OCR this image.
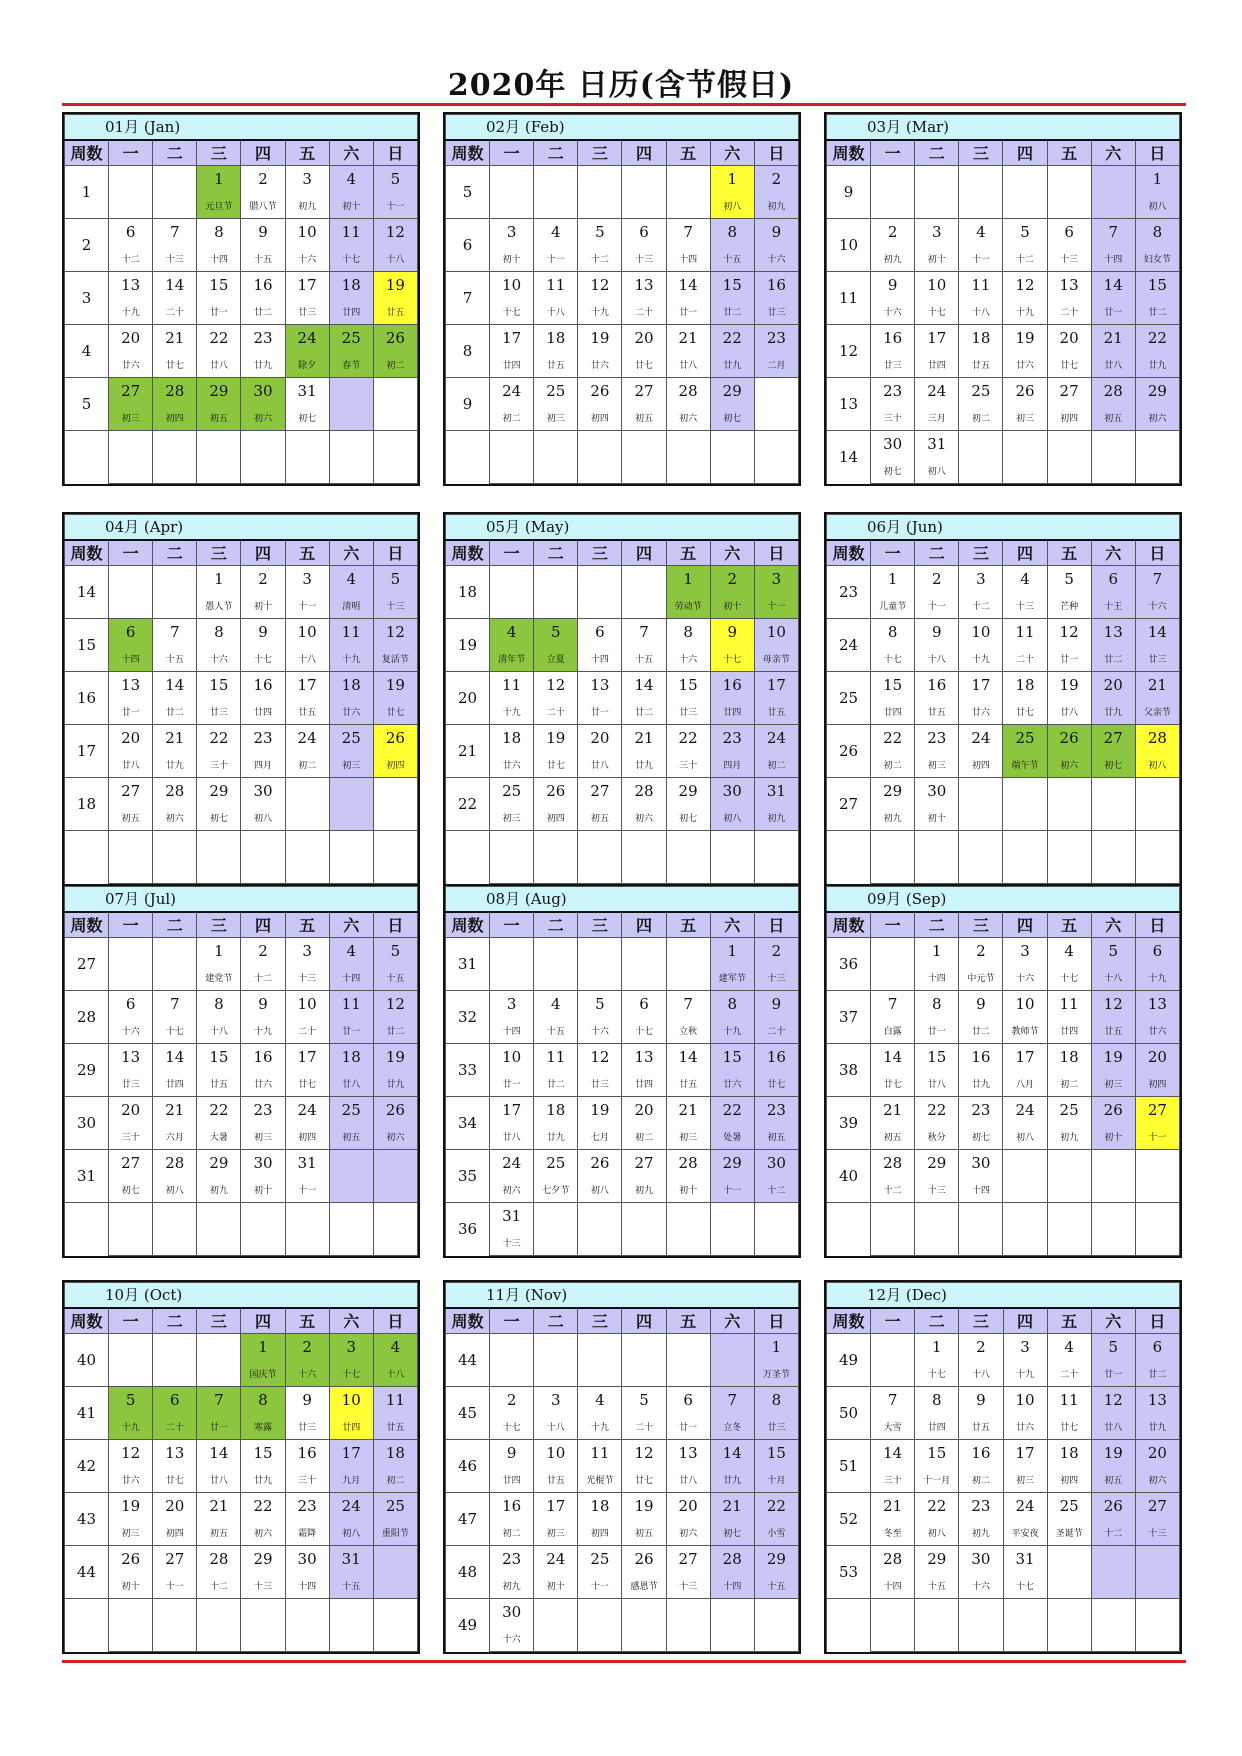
2020年 日历(含节假日)
01月 (Jan)							
周数	一	二	三	四	五	六	日
1			1	2	3	4	5
			元旦节	腊八节	初九	初十	十一
2	6	7	8	9	10	11	12
	十二	十三	十四	十五	十六	十七	十八
3	13	14	15	16	17	18	19
	十九	二十	廿一	廿二	廿三	廿四	廿五
4	20	21	22	23	24	25	26
	廿六	廿七	廿八	廿九	除夕	春节	初二
5	27	28	29	30	31		
	初三	初四	初五	初六	初七		

02月 (Feb)							
周数	一	二	三	四	五	六	日
5						1	2
						初八	初九
6	3	4	5	6	7	8	9
	初十	十一	十二	十三	十四	十五	十六
7	10	11	12	13	14	15	16
	十七	十八	十九	二十	廿一	廿二	廿三
8	17	18	19	20	21	22	23
	廿四	廿五	廿六	廿七	廿八	廿九	二月
9	24	25	26	27	28	29	
	初二	初三	初四	初五	初六	初七	

03月 (Mar)							
周数	一	二	三	四	五	六	日
9							1
							初八
10	2	3	4	5	6	7	8
	初九	初十	十一	十二	十三	十四	妇女节
11	9	10	11	12	13	14	15
	十六	十七	十八	十九	二十	廿一	廿二
12	16	17	18	19	20	21	22
	廿三	廿四	廿五	廿六	廿七	廿八	廿九
13	23	24	25	26	27	28	29
	三十	三月	初二	初三	初四	初五	初六
14	30	31					
	初七	初八					
04月 (Apr)							
周数	一	二	三	四	五	六	日
14			1	2	3	4	5
			愚人节	初十	十一	清明	十三
15	6	7	8	9	10	11	12
	十四	十五	十六	十七	十八	十九	复活节
16	13	14	15	16	17	18	19
	廿一	廿二	廿三	廿四	廿五	廿六	廿七
17	20	21	22	23	24	25	26
	廿八	廿九	三十	四月	初二	初三	初四
18	27	28	29	30			
	初五	初六	初七	初八			

05月 (May)							
周数	一	二	三	四	五	六	日
18					1	2	3
					劳动节	初十	十一
19	4	5	6	7	8	9	10
	清年节	立夏	十四	十五	十六	十七	母亲节
20	11	12	13	14	15	16	17
	十九	二十	廿一	廿二	廿三	廿四	廿五
21	18	19	20	21	22	23	24
	廿六	廿七	廿八	廿九	三十	四月	初二
22	25	26	27	28	29	30	31
	初三	初四	初五	初六	初七	初八	初九

06月 (Jun)							
周数	一	二	三	四	五	六	日
23	1	2	3	4	5	6	7
	儿童节	十一	十二	十三	芒种	十王	十六
24	8	9	10	11	12	13	14
	十七	十八	十九	二十	廿一	廿二	廿三
25	15	16	17	18	19	20	21
	廿四	廿五	廿六	廿七	廿八	廿九	父亲节
26	22	23	24	25	26	27	28
	初二	初三	初四	端午节	初六	初七	初八
27	29	30					
	初九	初十					

07月 (Jul)							
周数	一	二	三	四	五	六	日
27			1	2	3	4	5
			建党节	十二	十三	十四	十五
28	6	7	8	9	10	11	12
	十六	十七	十八	十九	二十	廿一	廿二
29	13	14	15	16	17	18	19
	廿三	廿四	廿五	廿六	廿七	廿八	廿九
30	20	21	22	23	24	25	26
	三十	六月	大暑	初三	初四	初五	初六
31	27	28	29	30	31		
	初七	初八	初九	初十	十一		

08月 (Aug)							
周数	一	二	三	四	五	六	日
31						1	2
						建军节	十三
32	3	4	5	6	7	8	9
	十四	十五	十六	十七	立秋	十九	二十
33	10	11	12	13	14	15	16
	廿一	廿二	廿三	廿四	廿五	廿六	廿七
34	17	18	19	20	21	22	23
	廿八	廿九	七月	初二	初三	处暑	初五
35	24	25	26	27	28	29	30
	初六	七夕节	初八	初九	初十	十一	十二
36	31						
	十三						
09月 (Sep)							
周数	一	二	三	四	五	六	日
36		1	2	3	4	5	6
		十四	中元节	十六	十七	十八	十九
37	7	8	9	10	11	12	13
	白露	廿一	廿二	教师节	廿四	廿五	廿六
38	14	15	16	17	18	19	20
	廿七	廿八	廿九	八月	初二	初三	初四
39	21	22	23	24	25	26	27
	初五	秋分	初七	初八	初九	初十	十一
40	28	29	30				
	十二	十三	十四				

10月 (Oct)							
周数	一	二	三	四	五	六	日
40				1	2	3	4
				国庆节	十六	十七	十八
41	5	6	7	8	9	10	11
	十九	二十	廿一	寒露	廿三	廿四	廿五
42	12	13	14	15	16	17	18
	廿六	廿七	廿八	廿九	三十	九月	初二
43	19	20	21	22	23	24	25
	初三	初四	初五	初六	霜降	初八	重阳节
44	26	27	28	29	30	31	
	初十	十一	十二	十三	十四	十五	

11月 (Nov)							
周数	一	二	三	四	五	六	日
44							1
							万圣节
45	2	3	4	5	6	7	8
	十七	十八	十九	二十	廿一	立冬	廿三
46	9	10	11	12	13	14	15
	廿四	廿五	光棍节	廿七	廿八	廿九	十月
47	16	17	18	19	20	21	22
	初二	初三	初四	初五	初六	初七	小雪
48	23	24	25	26	27	28	29
	初九	初十	十一	感恩节	十三	十四	十五
49	30						
	十六						
12月 (Dec)							
周数	一	二	三	四	五	六	日
49		1	2	3	4	5	6
		十七	十八	十九	二十	廿一	廿二
50	7	8	9	10	11	12	13
	大雪	廿四	廿五	廿六	廿七	廿八	廿九
51	14	15	16	17	18	19	20
	三十	十一月	初二	初三	初四	初五	初六
52	21	22	23	24	25	26	27
	冬至	初八	初九	平安夜	圣诞节	十二	十三
53	28	29	30	31			
	十四	十五	十六	十七			
